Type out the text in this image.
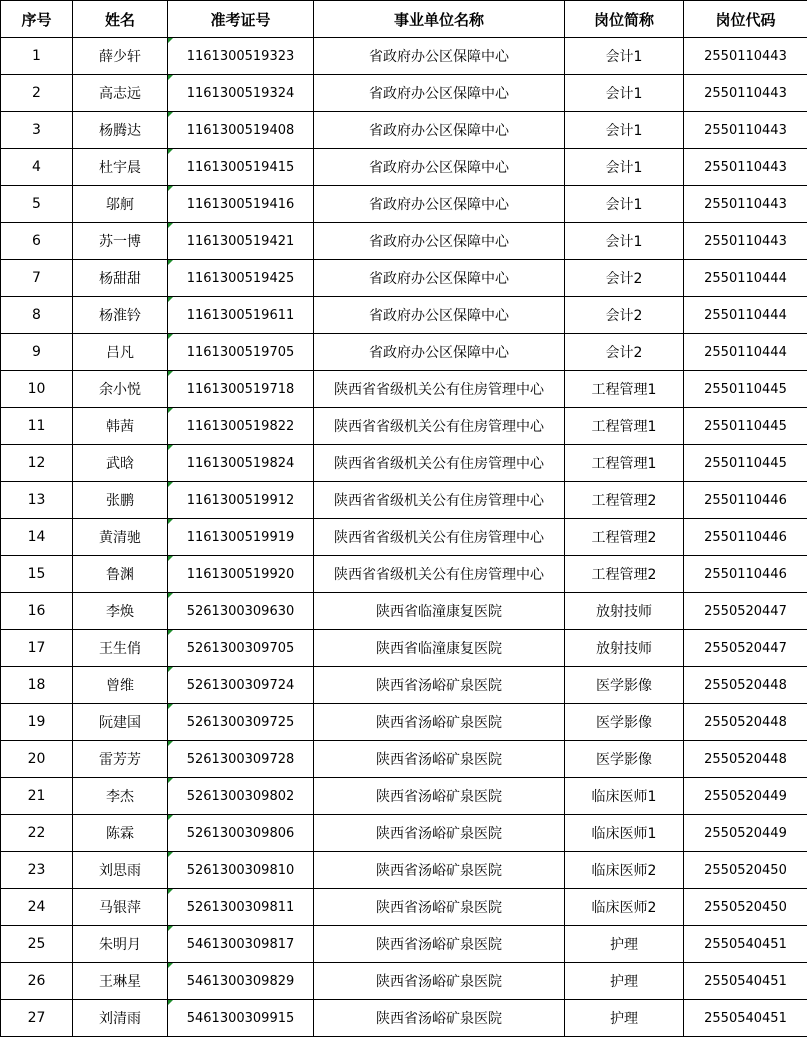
序号	姓名	准考证号	事业单位名称	岗位简称	岗位代码
1	薛少轩	1161300519323	省政府办公区保障中心	会计1	2550110443
2	高志远	1161300519324	省政府办公区保障中心	会计1	2550110443
3	杨腾达	1161300519408	省政府办公区保障中心	会计1	2550110443
4	杜宇晨	1161300519415	省政府办公区保障中心	会计1	2550110443
5	邬舸	1161300519416	省政府办公区保障中心	会计1	2550110443
6	苏一博	1161300519421	省政府办公区保障中心	会计1	2550110443
7	杨甜甜	1161300519425	省政府办公区保障中心	会计2	2550110444
8	杨淮钤	1161300519611	省政府办公区保障中心	会计2	2550110444
9	吕凡	1161300519705	省政府办公区保障中心	会计2	2550110444
10	余小悦	1161300519718	陕西省省级机关公有住房管理中心	工程管理1	2550110445
11	韩茜	1161300519822	陕西省省级机关公有住房管理中心	工程管理1	2550110445
12	武晗	1161300519824	陕西省省级机关公有住房管理中心	工程管理1	2550110445
13	张鹏	1161300519912	陕西省省级机关公有住房管理中心	工程管理2	2550110446
14	黄清驰	1161300519919	陕西省省级机关公有住房管理中心	工程管理2	2550110446
15	鲁渊	1161300519920	陕西省省级机关公有住房管理中心	工程管理2	2550110446
16	李焕	5261300309630	陕西省临潼康复医院	放射技师	2550520447
17	王生俏	5261300309705	陕西省临潼康复医院	放射技师	2550520447
18	曾维	5261300309724	陕西省汤峪矿泉医院	医学影像	2550520448
19	阮建国	5261300309725	陕西省汤峪矿泉医院	医学影像	2550520448
20	雷芳芳	5261300309728	陕西省汤峪矿泉医院	医学影像	2550520448
21	李杰	5261300309802	陕西省汤峪矿泉医院	临床医师1	2550520449
22	陈霖	5261300309806	陕西省汤峪矿泉医院	临床医师1	2550520449
23	刘思雨	5261300309810	陕西省汤峪矿泉医院	临床医师2	2550520450
24	马银萍	5261300309811	陕西省汤峪矿泉医院	临床医师2	2550520450
25	朱明月	5461300309817	陕西省汤峪矿泉医院	护理	2550540451
26	王琳星	5461300309829	陕西省汤峪矿泉医院	护理	2550540451
27	刘清雨	5461300309915	陕西省汤峪矿泉医院	护理	2550540451
